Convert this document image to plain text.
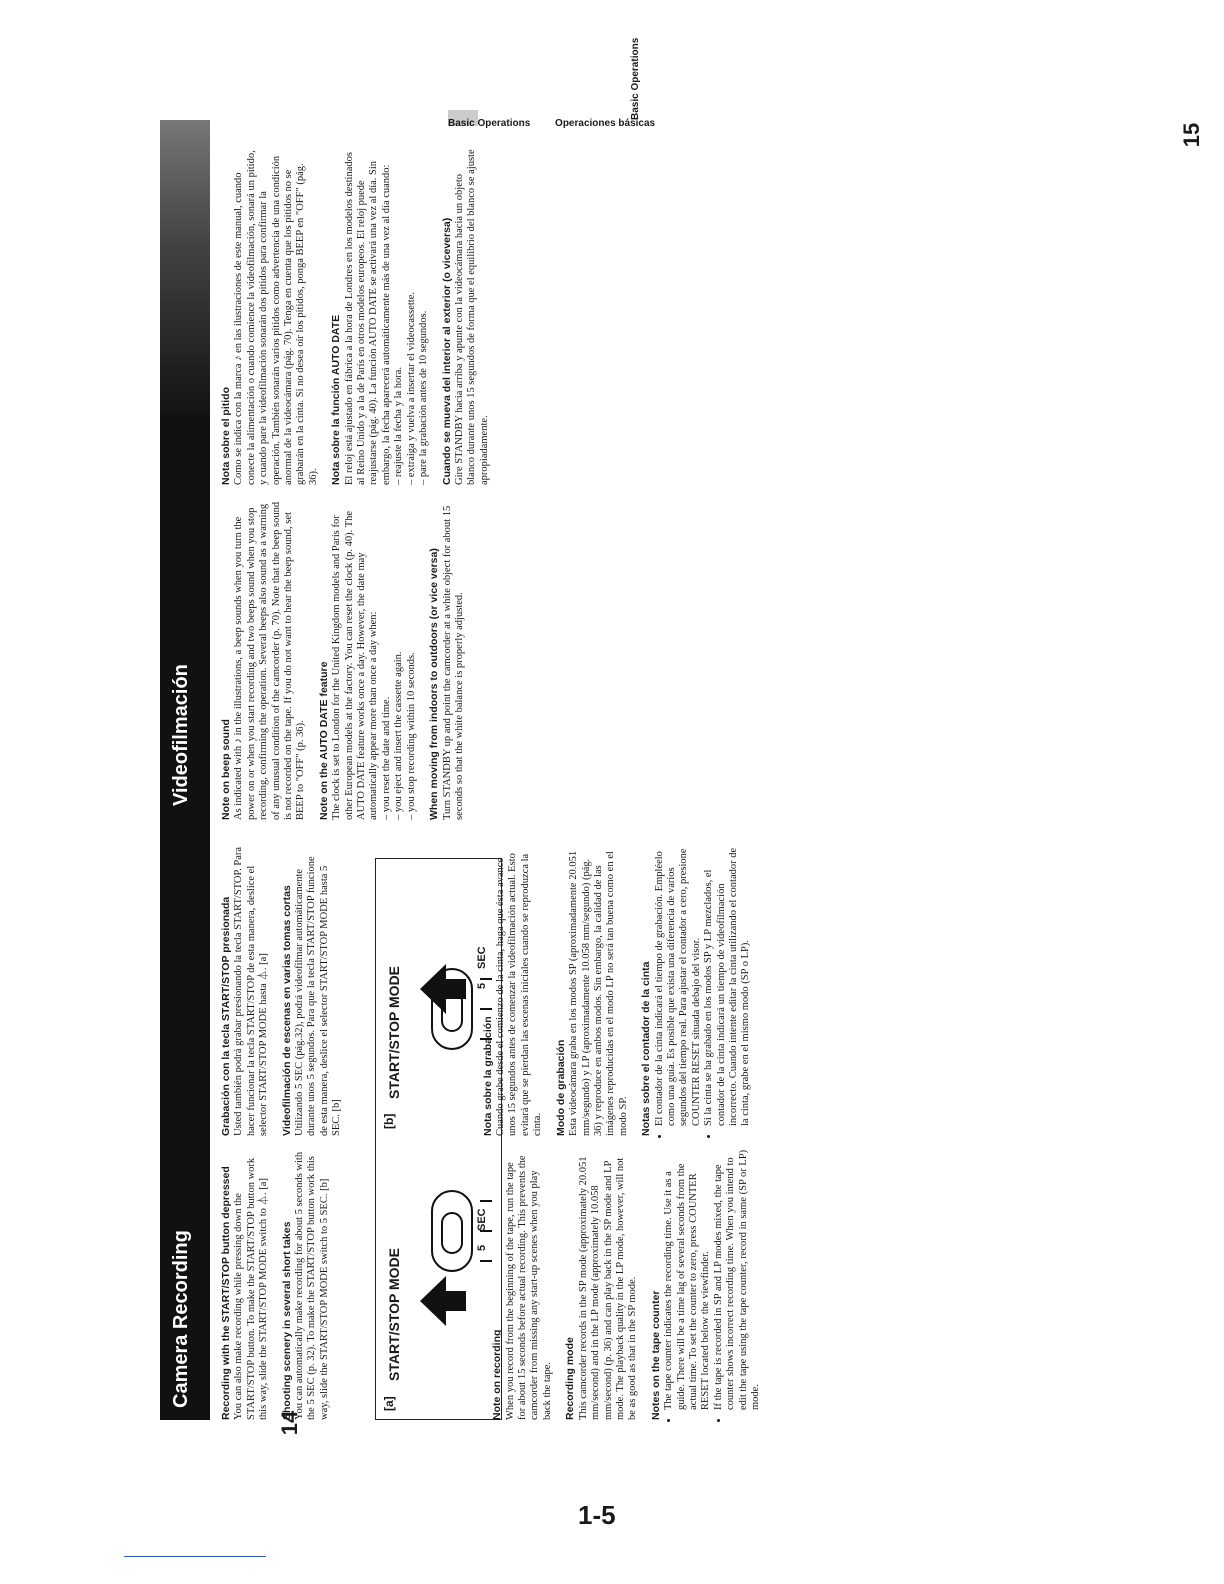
14
15
1-5
Camera Recording
Videofilmación
Recording with the START/STOP button depressed You can also make recording while pressing down the START/STOP button. To make the START/STOP button work this way, slide the START/STOP MODE switch to ⏃. [a] Shooting scenery in several short takes You can automatically make recording for about 5 seconds with the 5 SEC (p. 32). To make the START/STOP button work this way, slide the START/STOP MODE switch to 5 SEC. [b]	Note on recording When you record from the beginning of the tape, run the tape for about 15 seconds before actual recording. This prevents the camcorder from missing any start-up scenes when you play back the tape. Recording mode This camcorder records in the SP mode (approximately 20.051 mm/second) and in the LP mode (approximately 10.058 mm/second) (p. 36) and can play back in the SP mode and LP mode. The playback quality in the LP mode, however, will not be as good as that in the SP mode. Notes on the tape counter • The tape counter indicates the recording time. Use it as a guide. There will be a time lag of several seconds from the actual time. To set the counter to zero, press COUNTER RESET located below the viewfinder. • If the tape is recorded in SP and LP modes mixed, the tape counter shows incorrect recording time. When you intend to edit the tape using the tape counter, record in same (SP or LP) mode.
Grabación con la tecla START/STOP presionada Usted también podrá grabar presionando la tecla START/STOP. Para hacer funcionar la tecla START/STOP de esta manera, deslice el selector START/STOP MODE hasta ⏃. [a] Videofilmación de escenas en varias tomas cortas Utilizando 5 SEC (pág.32), podrá videofilmar automáticamente durante unos 5 segundos. Para que la tecla START/STOP funcione de esta manera, deslice el selector START/STOP MODE hasta 5 SEC. [b]	Nota sobre la grabación Cuando grabe desde el comienzo de la cinta, haga que ésta avance unos 15 segundos antes de comenzar la videofilmación actual. Esto evitará que se pierdan las escenas iniciales cuando se reproduzca la cinta. Modo de grabación Esta videocámara graba en los modos SP (aproximadamente 20.051 mm/segundo) y LP (aproximadamente 10.058 mm/segundo) (pág. 36) y reproduce en ambos modos. Sin embargo, la calidad de las imágenes reproducidas en el modo LP no será tan buena como en el modo SP. Notas sobre el contador de la cinta • El contador de la cinta indicará el tiempo de grabación. Empléelo como una guía. Es posible que exista una diferencia de varios segundos del tiempo real. Para ajustar el contador a cero, presione COUNTER RESET situada debajo del visor. • Si la cinta se ha grabado en los modos SP y LP mezclados, el contador de la cinta indicará un tiempo de videofilmación incorrecto. Cuando intente editar la cinta utilizando el contador de la cinta, grabe en el mismo modo (SP o LP).
[a]
START/STOP MODE
5
SEC
[b]
START/STOP MODE	5
SEC
Note on beep sound As indicated with ♪ in the illustrations, a beep sounds when you turn the power on or when you start recording and two beeps sound when you stop recording, confirming the operation. Several beeps also sound as a warning of any unusual condition of the camcorder (p. 70). Note that the beep sound is not recorded on the tape. If you do not want to hear the beep sound, set BEEP to "OFF" (p. 36). Note on the AUTO DATE feature The clock is set to London for the United Kingdom models and Paris for other European models at the factory. You can reset the clock (p. 40). The AUTO DATE feature works once a day. However, the date may automatically appear more than once a day when: – you reset the date and time. – you eject and insert the cassette again. – you stop recording within 10 seconds. When moving from indoors to outdoors (or vice versa) Turn STANDBY up and point the camcorder at a white object for about 15 seconds so that the white balance is properly adjusted.

Nota sobre el pitido Como se indica con la marca ♪ en las ilustraciones de este manual, cuando conecte la alimentación o cuando comience la videofilmación, sonará un pitido, y cuando pare la videofilmación sonarán dos pitidos para confirmar la operación. También sonarán varios pitidos como advertencia de una condición anormal de la videocámara (pág. 70). Tenga en cuenta que los pitidos no se grabarán en la cinta. Si no desea oír los pitidos, ponga BEEP en "OFF" (pág. 36). Nota sobre la función AUTO DATE El reloj está ajustado en fábrica a la hora de Londres en los modelos destinados al Reino Unido y a la de París en otros modelos europeos. El reloj puede reajustarse (pág. 40). La función AUTO DATE se activará una vez al día. Sin embargo, la fecha aparecerá automáticamente más de una vez al día cuando: – reajuste la fecha y la hora. – extraiga y vuelva a insertar el videocassette. – pare la grabación antes de 10 segundos. Cuando se mueva del interior al exterior (o viceversa) Gire STANDBY hacia arriba y apunte con la videocámara hacia un objeto blanco durante unos 15 segundos de forma que el equilibrio del blanco se ajuste apropiadamente.

Basic Operations
Basic Operations Operaciones básicas
